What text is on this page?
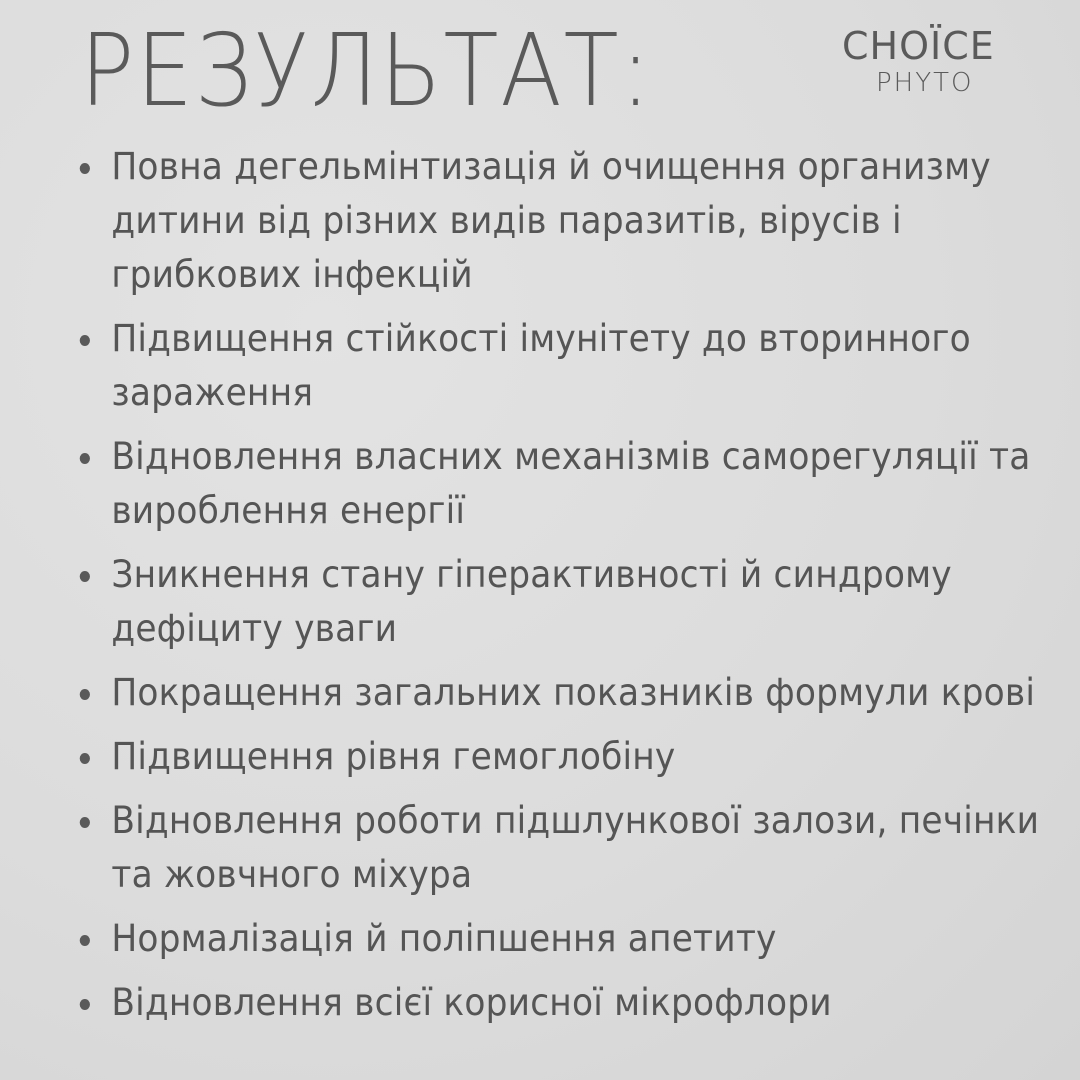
РЕЗУЛЬТАТ:	CHOÏCE
PHYTO
Повна дегельмінтизація й очищення организму дитини від різних видів паразитів, вірусів і грибкових інфекцій
Підвищення стійкості імунітету до вторинного зараження
Відновлення власних механізмів саморегуляції та вироблення енергії
Зникнення стану гіперактивності й синдрому дефіциту уваги
Покращення загальних показників формули крові
Підвищення рівня гемоглобіну
Відновлення роботи підшлункової залози, печінки та жовчного міхура
Нормалізація й поліпшення апетиту
Відновлення всієї корисної мікрофлори
